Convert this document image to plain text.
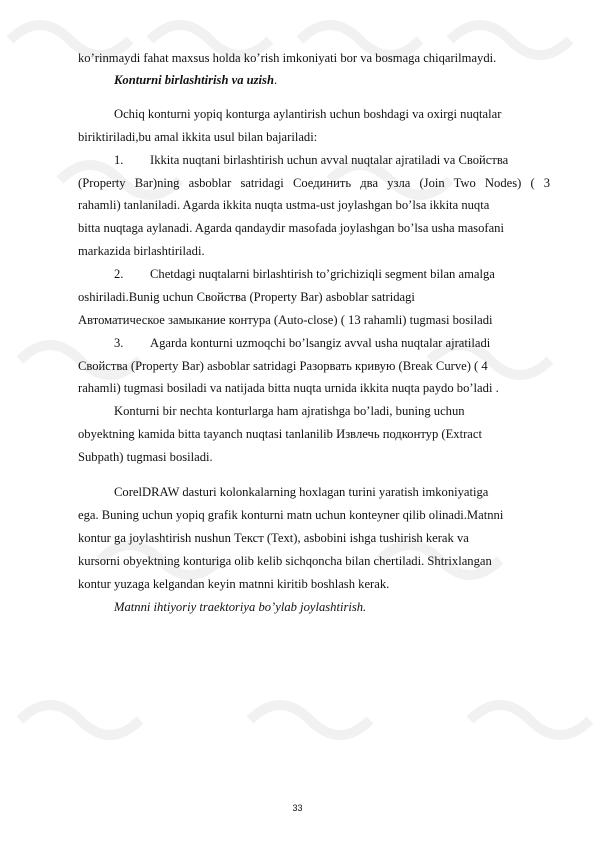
ko’rinmaydi fahat maxsus holda ko’rish imkoniyati bor va bosmaga chiqarilmaydi.
Konturni birlashtirish va uzish.
Ochiq konturni yopiq konturga aylantirish uchun boshdagi va oxirgi nuqtalar
biriktiriladi,bu amal ikkita usul bilan bajariladi:
1. Ikkita nuqtani birlashtirish uchun avval nuqtalar ajratiladi va Свойства
(Property Bar)ning asboblar satridagi Соединить два узла (Join Two Nodes) ( 3
rahamli) tanlaniladi. Agarda ikkita nuqta ustma-ust joylashgan bo’lsa ikkita nuqta
bitta nuqtaga aylanadi. Agarda qandaydir masofada joylashgan bo’lsa usha masofani
markazida birlashtiriladi.
2. Chetdagi nuqtalarni birlashtirish to’grichiziqli segment bilan amalga
oshiriladi.Bunig uchun Свойства (Property Bar) asboblar satridagi
Автоматическое замыкание контура (Auto-close) ( 13 rahamli) tugmasi bosiladi
3. Agarda konturni uzmoqchi bo’lsangiz avval usha nuqtalar ajratiladi
Свойства (Property Bar) asboblar satridagi Разорвать кривую (Break Curve) ( 4
rahamli) tugmasi bosiladi va natijada bitta nuqta urnida ikkita nuqta paydo bo’ladi .
Konturni bir nechta konturlarga ham ajratishga bo’ladi, buning uchun
obyektning kamida bitta tayanch nuqtasi tanlanilib Извлечь подконтур (Extract
Subpath) tugmasi bosiladi.
CorelDRAW dasturi kolonkalarning hoxlagan turini yaratish imkoniyatiga
ega. Buning uchun yopiq grafik konturni matn uchun konteyner qilib olinadi.Matnni
kontur ga joylashtirish nushun Текст (Text), asbobini ishga tushirish kerak va
kursorni obyektning konturiga olib kelib sichqoncha bilan chertiladi. Shtrixlangan
kontur yuzaga kelgandan keyin matnni kiritib boshlash kerak.
Matnni ihtiyoriy traektoriya bo’ylab joylashtirish.
33
